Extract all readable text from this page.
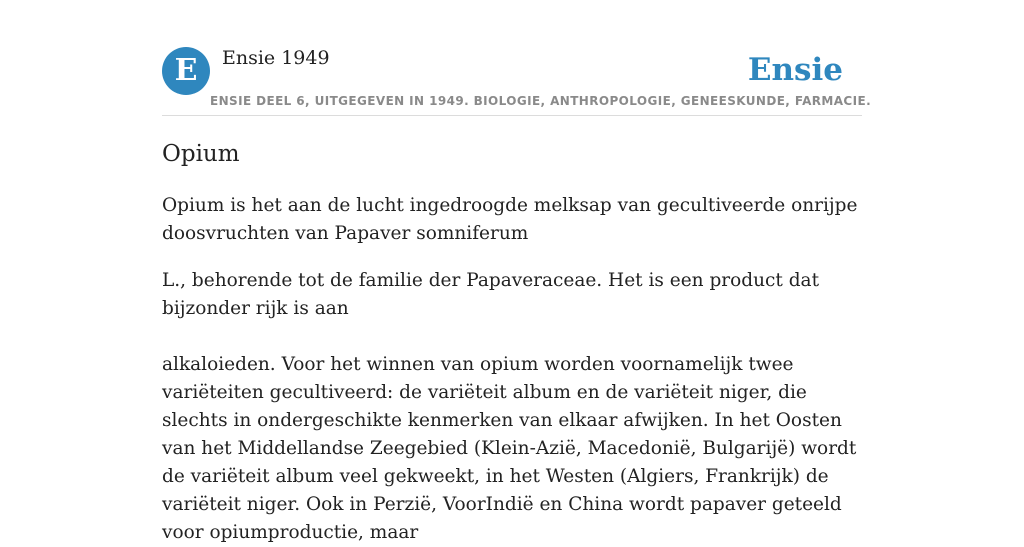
E	Ensie 1949	Ensie
ENSIE DEEL 6, UITGEGEVEN IN 1949. BIOLOGIE, ANTHROPOLOGIE, GENEESKUNDE, FARMACIE.
Opium

Opium is het aan de lucht ingedroogde melksap van gecultiveerde onrijpe doosvruchten van Papaver somniferum

L., behorende tot de familie der Papaveraceae. Het is een product dat bijzonder rijk is aan

alkaloieden. Voor het winnen van opium worden voornamelijk twee variëteiten gecultiveerd: de variëteit album en de variëteit niger, die slechts in ondergeschikte kenmerken van elkaar afwijken. In het Oosten van het Middellandse Zeegebied (Klein-Azië, Macedonië, Bulgarijë) wordt de variëteit album veel gekweekt, in het Westen (Algiers, Frankrijk) de variëteit niger. Ook in Perzië, VoorIndië en China wordt papaver geteeld voor opiumproductie, maar
